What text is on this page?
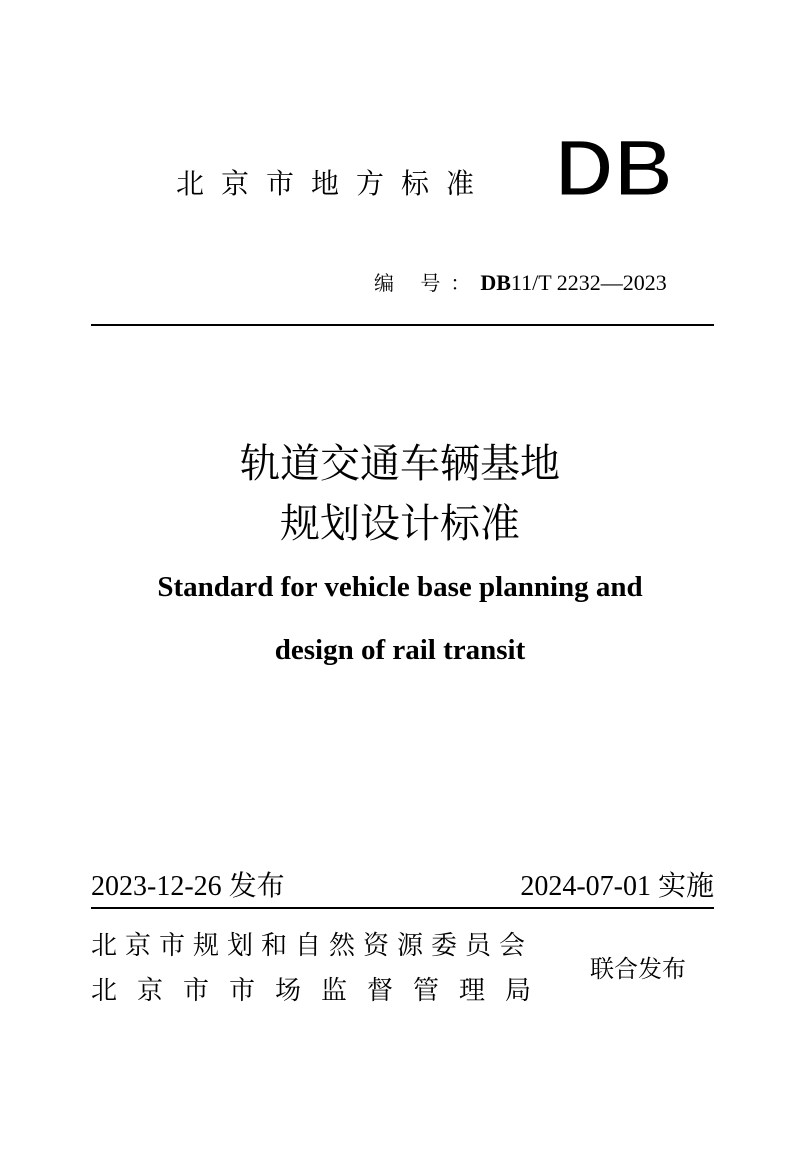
北京市地方标准 DB
编 号：DB11/T 2232—2023
轨道交通车辆基地
规划设计标准
Standard for vehicle base planning and
design of rail transit
2023-12-26 发布	2024-07-01 实施
北京市规划和自然资源委员会
北京市市场监督管理局
联合发布
